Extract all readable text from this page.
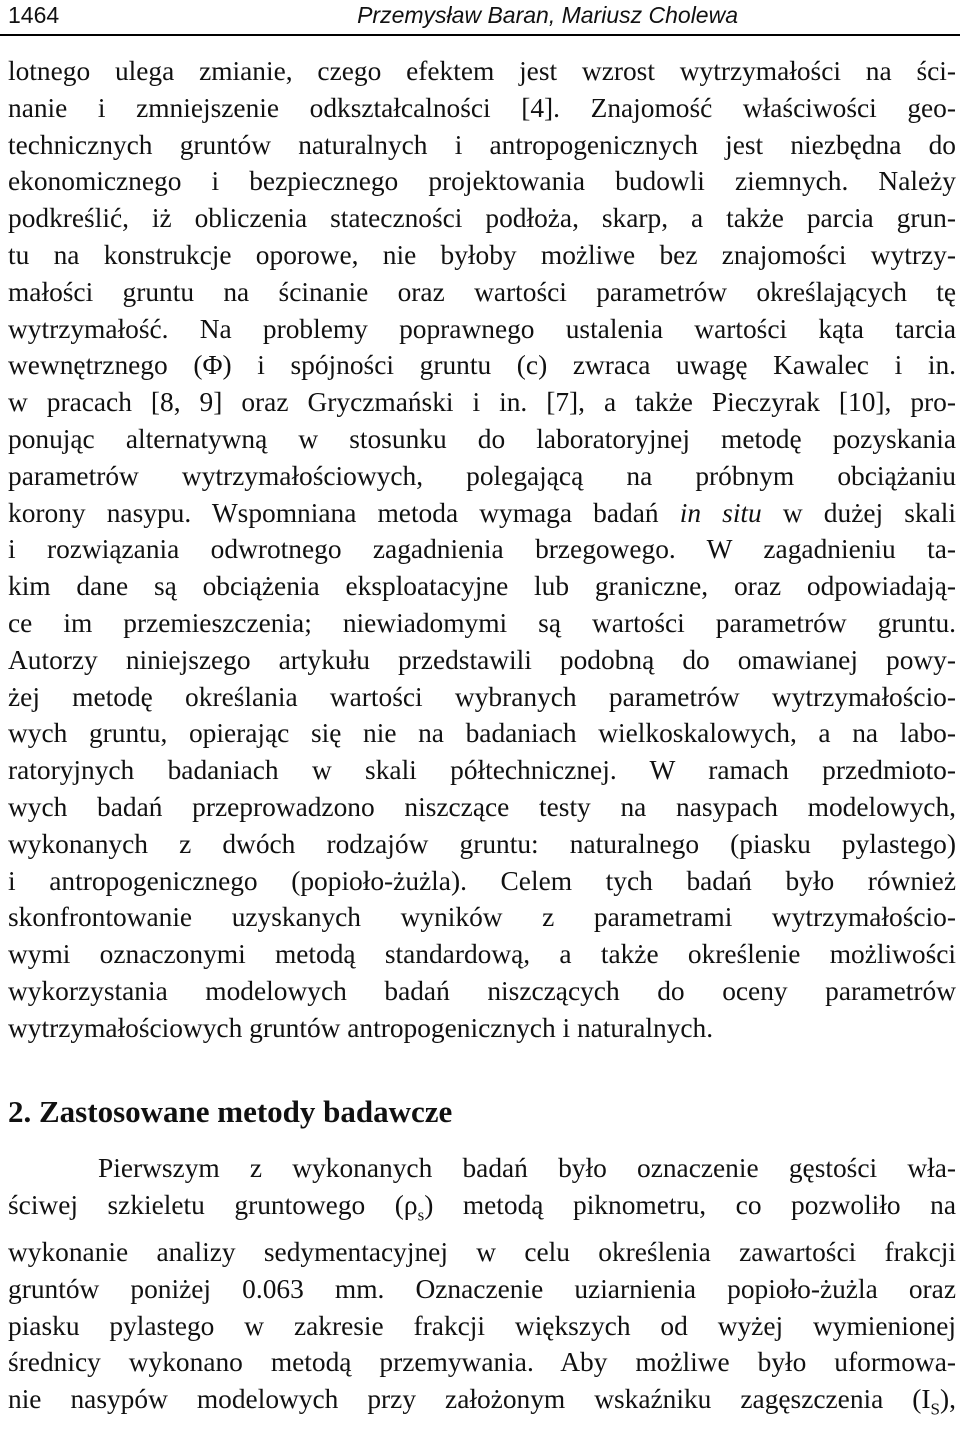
1464	Przemysław Baran, Mariusz Cholewa
lotnego ulega zmianie, czego efektem jest wzrost wytrzymałości na ści-
nanie i zmniejszenie odkształcalności [4]. Znajomość właściwości geo-
technicznych gruntów naturalnych i antropogenicznych jest niezbędna do
ekonomicznego i bezpiecznego projektowania budowli ziemnych. Należy
podkreślić, iż obliczenia stateczności podłoża, skarp, a także parcia grun-
tu na konstrukcje oporowe, nie byłoby możliwe bez znajomości wytrzy-
małości gruntu na ścinanie oraz wartości parametrów określających tę
wytrzymałość. Na problemy poprawnego ustalenia wartości kąta tarcia
wewnętrznego (Φ) i spójności gruntu (c) zwraca uwagę Kawalec i in.
w pracach [8, 9] oraz Gryczmański i in. [7], a także Pieczyrak [10], pro-
ponując alternatywną w stosunku do laboratoryjnej metodę pozyskania
parametrów wytrzymałościowych, polegającą na próbnym obciążaniu
korony nasypu. Wspomniana metoda wymaga badań in situ w dużej skali
i rozwiązania odwrotnego zagadnienia brzegowego. W zagadnieniu ta-
kim dane są obciążenia eksploatacyjne lub graniczne, oraz odpowiadają-
ce im przemieszczenia; niewiadomymi są wartości parametrów gruntu.
Autorzy niniejszego artykułu przedstawili podobną do omawianej powy-
żej metodę określania wartości wybranych parametrów wytrzymałościo-
wych gruntu, opierając się nie na badaniach wielkoskalowych, a na labo-
ratoryjnych badaniach w skali półtechnicznej. W ramach przedmioto-
wych badań przeprowadzono niszczące testy na nasypach modelowych,
wykonanych z dwóch rodzajów gruntu: naturalnego (piasku pylastego)
i antropogenicznego (popioło-żużla). Celem tych badań było również
skonfrontowanie uzyskanych wyników z parametrami wytrzymałościo-
wymi oznaczonymi metodą standardową, a także określenie możliwości
wykorzystania modelowych badań niszczących do oceny parametrów
wytrzymałościowych gruntów antropogenicznych i naturalnych.
2. Zastosowane metody badawcze
Pierwszym z wykonanych badań było oznaczenie gęstości wła-
ściwej szkieletu gruntowego $(\rho_s)$ metodą piknometru, co pozwoliło na
wykonanie analizy sedymentacyjnej w celu określenia zawartości frakcji
gruntów poniżej 0.063 mm. Oznaczenie uziarnienia popioło-żużla oraz
piasku pylastego w zakresie frakcji większych od wyżej wymienionej
średnicy wykonano metodą przemywania. Aby możliwe było uformowa-
nie nasypów modelowych przy założonym wskaźniku zagęszczenia $(I_S)$,
